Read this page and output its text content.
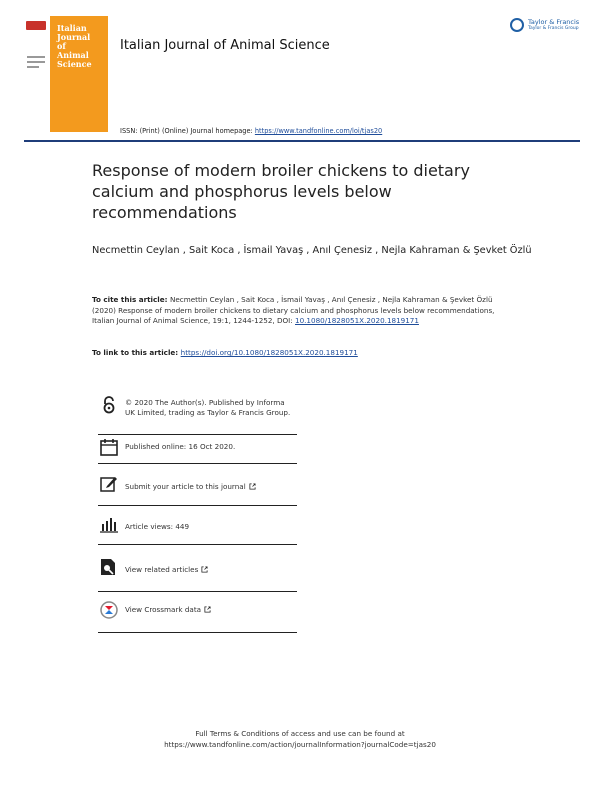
Italian
Journal
of
Animal
Science
Italian Journal of Animal Science
Taylor & Francis
Taylor & Francis Group
ISSN: (Print) (Online) Journal homepage: https://www.tandfonline.com/loi/tjas20
Response of modern broiler chickens to dietary calcium and phosphorus levels below recommendations
Necmettin Ceylan , Sait Koca , İsmail Yavaş , Anıl Çenesiz , Nejla Kahraman & Şevket Özlü
To cite this article: Necmettin Ceylan , Sait Koca , İsmail Yavaş , Anıl Çenesiz , Nejla Kahraman & Şevket Özlü (2020) Response of modern broiler chickens to dietary calcium and phosphorus levels below recommendations, Italian Journal of Animal Science, 19:1, 1244-1252, DOI: 10.1080/1828051X.2020.1819171
To link to this article: https://doi.org/10.1080/1828051X.2020.1819171
© 2020 The Author(s). Published by Informa UK Limited, trading as Taylor & Francis Group.
Published online: 16 Oct 2020.
Submit your article to this journal
Article views: 449
View related articles
View Crossmark data
Full Terms & Conditions of access and use can be found at
https://www.tandfonline.com/action/journalInformation?journalCode=tjas20
